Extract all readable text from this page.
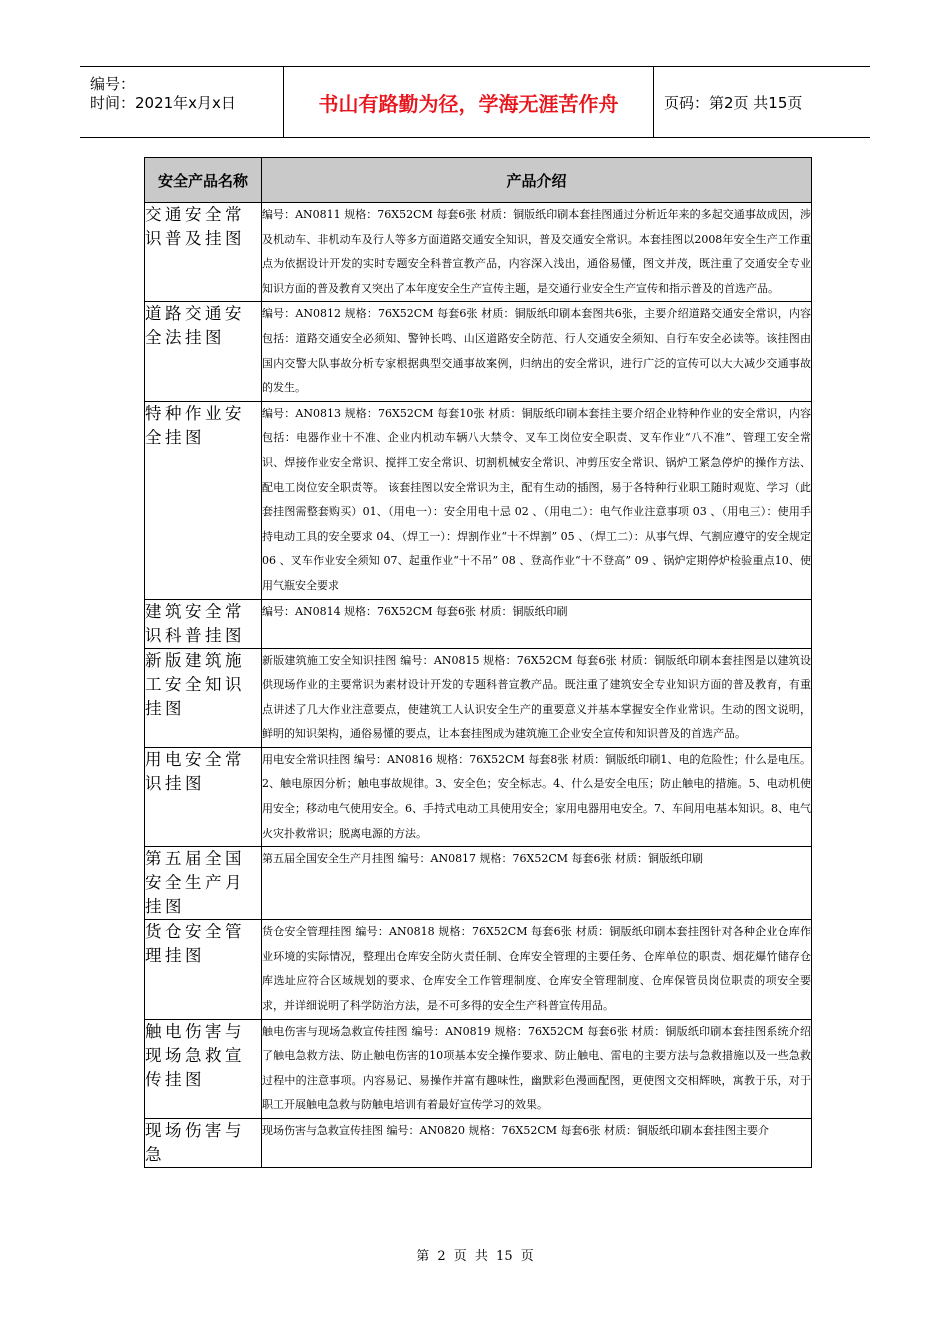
编号：
时间：2021年x月x日	书山有路勤为径，学海无涯苦作舟	页码：第2页 共15页
安全产品名称	产品介绍
交通安全常识普及挂图	编号：AN0811 规格：76X52CM 每套6张 材质：铜版纸印刷本套挂图通过分析近年来的多起交通事故成因，涉及机动车、非机动车及行人等多方面道路交通安全知识，普及交通安全常识。本套挂图以2008年安全生产工作重点为依据设计开发的实时专题安全科普宣教产品，内容深入浅出，通俗易懂，图文并茂，既注重了交通安全专业知识方面的普及教育又突出了本年度安全生产宣传主题，是交通行业安全生产宣传和指示普及的首选产品。
道路交通安全法挂图	编号：AN0812 规格：76X52CM 每套6张 材质：铜版纸印刷本套图共6张，主要介绍道路交通安全常识，内容包括：道路交通安全必须知、警钟长鸣、山区道路安全防范、行人交通安全须知、自行车安全必读等。该挂图由国内交警大队事故分析专家根据典型交通事故案例，归纳出的安全常识，进行广泛的宣传可以大大减少交通事故的发生。
特种作业安全挂图	编号：AN0813 规格：76X52CM 每套10张 材质：铜版纸印刷本套挂主要介绍企业特种作业的安全常识，内容包括：电器作业十不准、企业内机动车辆八大禁令、叉车工岗位安全职责、叉车作业“八不准”、管理工安全常识、焊接作业安全常识、搅拌工安全常识、切割机械安全常识、冲剪压安全常识、锅炉工紧急停炉的操作方法、配电工岗位安全职责等。 该套挂图以安全常识为主，配有生动的插图，易于各特种行业职工随时观览、学习（此套挂图需整套购买）01、（用电一）：安全用电十忌 02 、（用电二）：电气作业注意事项 03 、（用电三）：使用手持电动工具的安全要求 04、（焊工一）：焊割作业“十不焊割” 05 、（焊工二）：从事气焊、气割应遵守的安全规定06 、叉车作业安全须知 07、起重作业“十不吊” 08 、登高作业“十不登高” 09 、锅炉定期停炉检验重点10、使用气瓶安全要求
建筑安全常识科普挂图	编号：AN0814 规格：76X52CM 每套6张 材质：铜版纸印刷
新版建筑施工安全知识挂图	新版建筑施工安全知识挂图 编号：AN0815 规格：76X52CM 每套6张 材质：铜版纸印刷本套挂图是以建筑设供现场作业的主要常识为素材设计开发的专题科普宣教产品。既注重了建筑安全专业知识方面的普及教育，有重点讲述了几大作业注意要点，使建筑工人认识安全生产的重要意义并基本掌握安全作业常识。生动的图文说明，鲜明的知识架构，通俗易懂的要点，让本套挂图成为建筑施工企业安全宣传和知识普及的首选产品。
用电安全常识挂图	用电安全常识挂图 编号：AN0816 规格：76X52CM 每套8张 材质：铜版纸印刷1、电的危险性；什么是电压。2、触电原因分析；触电事故规律。3、安全色；安全标志。4、什么是安全电压；防止触电的措施。5、电动机使用安全；移动电气使用安全。6、手持式电动工具使用安全；家用电器用电安全。7、车间用电基本知识。8、电气火灾扑救常识；脱离电源的方法。
第五届全国安全生产月挂图	第五届全国安全生产月挂图 编号：AN0817 规格：76X52CM 每套6张 材质：铜版纸印刷
货仓安全管理挂图	货仓安全管理挂图 编号：AN0818 规格：76X52CM 每套6张 材质：铜版纸印刷本套挂图针对各种企业仓库作业环境的实际情况，整理出仓库安全防火责任制、仓库安全管理的主要任务、仓库单位的职责、烟花爆竹储存仓库选址应符合区域规划的要求、仓库安全工作管理制度、仓库安全管理制度、仓库保管员岗位职责的项安全要求，并详细说明了科学防治方法，是不可多得的安全生产科普宣传用品。
触电伤害与现场急救宣传挂图	触电伤害与现场急救宣传挂图 编号：AN0819 规格：76X52CM 每套6张 材质：铜版纸印刷本套挂图系统介绍了触电急救方法、防止触电伤害的10项基本安全操作要求、防止触电、雷电的主要方法与急救措施以及一些急救过程中的注意事项。内容易记、易操作并富有趣味性，幽默彩色漫画配图，更使图文交相辉映，寓教于乐，对于职工开展触电急救与防触电培训有着最好宣传学习的效果。
现场伤害与急	现场伤害与急救宣传挂图 编号：AN0820 规格：76X52CM 每套6张 材质：铜版纸印刷本套挂图主要介
第 2 页 共 15 页
